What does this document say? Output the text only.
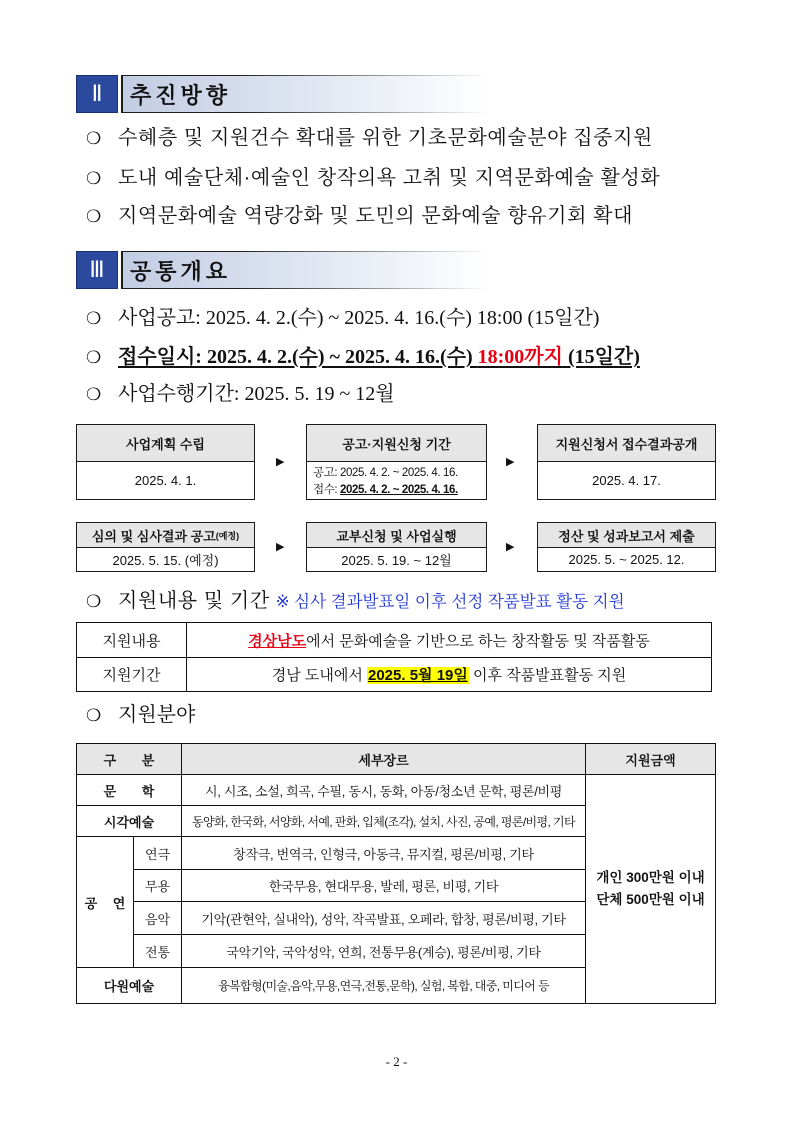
Ⅱ	추진방향
❍ 수혜층 및 지원건수 확대를 위한 기초문화예술분야 집중지원
❍ 도내 예술단체·예술인 창작의욕 고취 및 지역문화예술 활성화
❍ 지역문화예술 역량강화 및 도민의 문화예술 향유기회 확대
Ⅲ	공통개요
❍ 사업공고: 2025. 4. 2.(수) ~ 2025. 4. 16.(수) 18:00 (15일간)
❍ 접수일시: 2025. 4. 2.(수) ~ 2025. 4. 16.(수) 18:00까지 (15일간)
❍ 사업수행기간: 2025. 5. 19 ~ 12월
사업계획 수립
2025. 4. 1.
▶
공고·지원신청 기간
공고: 2025. 4. 2. ~ 2025. 4. 16.
접수: 2025. 4. 2. ~ 2025. 4. 16.
▶
지원신청서 접수결과공개
2025. 4. 17.
심의 및 심사결과 공고 (예정)
2025. 5. 15. (예정)
▶
교부신청 및 사업실행
2025. 5. 19. ~ 12월
▶
정산 및 성과보고서 제출
2025. 5. ~ 2025. 12.
❍ 지원내용 및 기간 ※ 심사 결과발표일 이후 선정 작품발표 활동 지원
지원내용	경상남도에서 문화예술을 기반으로 하는 창작활동 및 작품활동
지원기간	경남 도내에서 2025. 5월 19일 이후 작품발표활동 지원
❍ 지원분야
구 분		세부장르	지원금액
문 학		시, 시조, 소설, 희곡, 수필, 동시, 동화, 아동/청소년 문학, 평론/비평	개인 300만원 이내
단체 500만원 이내

시각예술		동양화, 한국화, 서양화, 서예, 판화, 입체(조각), 설치, 사진, 공예, 평론/비평, 기타	
공 연	연극	창작극, 번역극, 인형극, 아동극, 뮤지컬, 평론/비평, 기타	
	무용	한국무용, 현대무용, 발레, 평론, 비평, 기타	
	음악	기악(관현악, 실내악), 성악, 작곡발표, 오페라, 합창, 평론/비평, 기타	
	전통	국악기악, 국악성악, 연희, 전통무용(계승), 평론/비평, 기타	
다원예술		융복합형(미술,음악,무용,연극,전통,문학), 실험, 복합, 대중, 미디어 등	
- 2 -
